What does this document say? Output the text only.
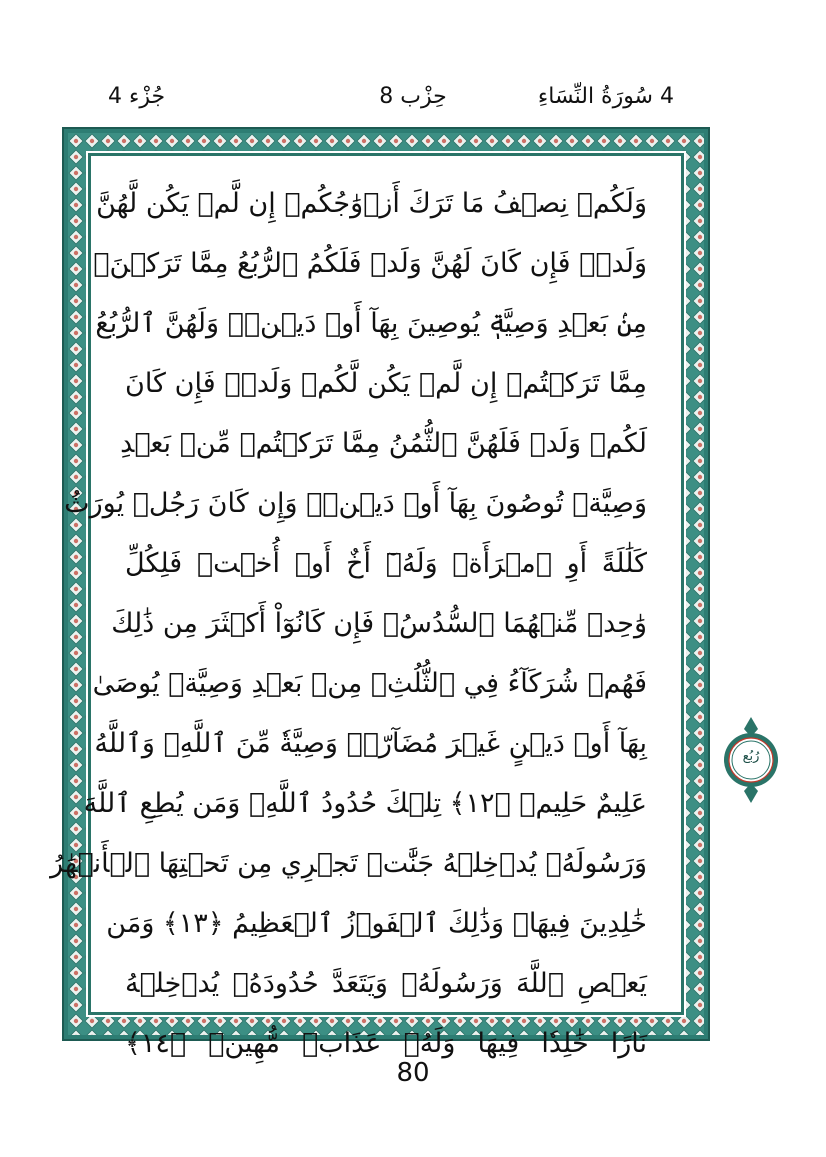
4 سُورَةُ النِّسَاءِ
حِزْب 8
جُزْء 4
وَلَكُمۡ نِصۡفُ مَا تَرَكَ أَزۡوَٰجُكُمۡ إِن لَّمۡ يَكُن لَّهُنَّ
وَلَدٞۚ فَإِن كَانَ لَهُنَّ وَلَدٞ فَلَكُمُ ٱلرُّبُعُ مِمَّا تَرَكۡنَۚ
مِنۢ بَعۡدِ وَصِيَّةٖ يُوصِينَ بِهَآ أَوۡ دَيۡنٖۚ وَلَهُنَّ ٱلرُّبُعُ
مِمَّا تَرَكۡتُمۡ إِن لَّمۡ يَكُن لَّكُمۡ وَلَدٞۚ فَإِن كَانَ
لَكُمۡ وَلَدٞ فَلَهُنَّ ٱلثُّمُنُ مِمَّا تَرَكۡتُمۚ مِّنۢ بَعۡدِ
وَصِيَّةٖ تُوصُونَ بِهَآ أَوۡ دَيۡنٖۗ وَإِن كَانَ رَجُلٞ يُورَثُ
كَلَٰلَةً أَوِ ٱمۡرَأَةٞ وَلَهُۥٓ أَخٌ أَوۡ أُخۡتٞ فَلِكُلِّ
وَٰحِدٖ مِّنۡهُمَا ٱلسُّدُسُۚ فَإِن كَانُوٓاْ أَكۡثَرَ مِن ذَٰلِكَ
فَهُمۡ شُرَكَآءُ فِي ٱلثُّلُثِۚ مِنۢ بَعۡدِ وَصِيَّةٖ يُوصَىٰ
بِهَآ أَوۡ دَيۡنٍ غَيۡرَ مُضَآرّٖۚ وَصِيَّةٗ مِّنَ ٱللَّهِۗ وَٱللَّهُ
عَلِيمٌ حَلِيمٞ ﴿١٢﴾ تِلۡكَ حُدُودُ ٱللَّهِۚ وَمَن يُطِعِ ٱللَّهَ
وَرَسُولَهُۥ يُدۡخِلۡهُ جَنَّٰتٖ تَجۡرِي مِن تَحۡتِهَا ٱلۡأَنۡهَٰرُ
خَٰلِدِينَ فِيهَاۚ وَذَٰلِكَ ٱلۡفَوۡزُ ٱلۡعَظِيمُ ﴿١٣﴾ وَمَن
يَعۡصِ ٱللَّهَ وَرَسُولَهُۥ وَيَتَعَدَّ حُدُودَهُۥ يُدۡخِلۡهُ
نَارًا خَٰلِدٗا فِيهَا وَلَهُۥ عَذَابٞ مُّهِينٞ ﴿١٤﴾
رُبُع
80
